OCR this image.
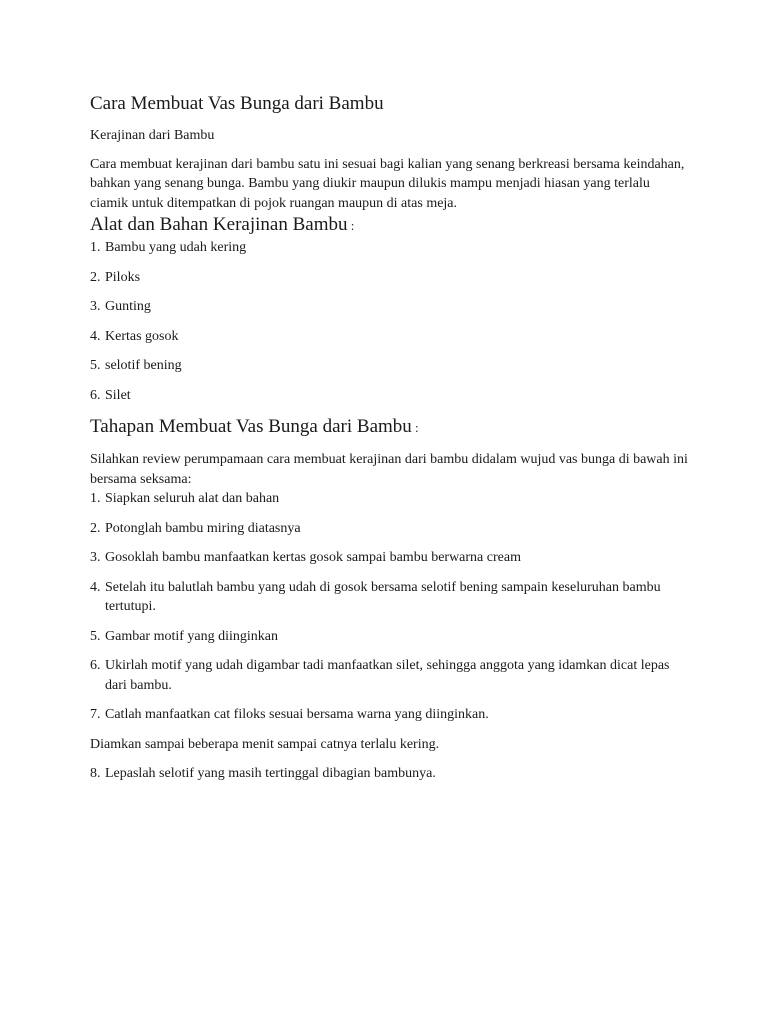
Cara Membuat Vas Bunga dari Bambu

Kerajinan dari Bambu

Cara membuat kerajinan dari bambu satu ini sesuai bagi kalian yang senang berkreasi bersama keindahan, bahkan yang senang bunga. Bambu yang diukir maupun dilukis mampu menjadi hiasan yang terlalu ciamik untuk ditempatkan di pojok ruangan maupun di atas meja.

Alat dan Bahan Kerajinan Bambu :
1. Bambu yang udah kering
2. Piloks
3. Gunting
4. Kertas gosok
5. selotif bening
6. Silet
Tahapan Membuat Vas Bunga dari Bambu :

Silahkan review perumpamaan cara membuat kerajinan dari bambu didalam wujud vas bunga di bawah ini bersama seksama:

1. Siapkan seluruh alat dan bahan
2. Potonglah bambu miring diatasnya
3. Gosoklah bambu manfaatkan kertas gosok sampai bambu berwarna cream
4. Setelah itu balutlah bambu yang udah di gosok bersama selotif bening sampain keseluruhan bambu tertutupi.
5. Gambar motif yang diinginkan
6. Ukirlah motif yang udah digambar tadi manfaatkan silet, sehingga anggota yang idamkan dicat lepas dari bambu.
7. Catlah manfaatkan cat filoks sesuai bersama warna yang diinginkan.

Diamkan sampai beberapa menit sampai catnya terlalu kering.

8. Lepaslah selotif yang masih tertinggal dibagian bambunya.
